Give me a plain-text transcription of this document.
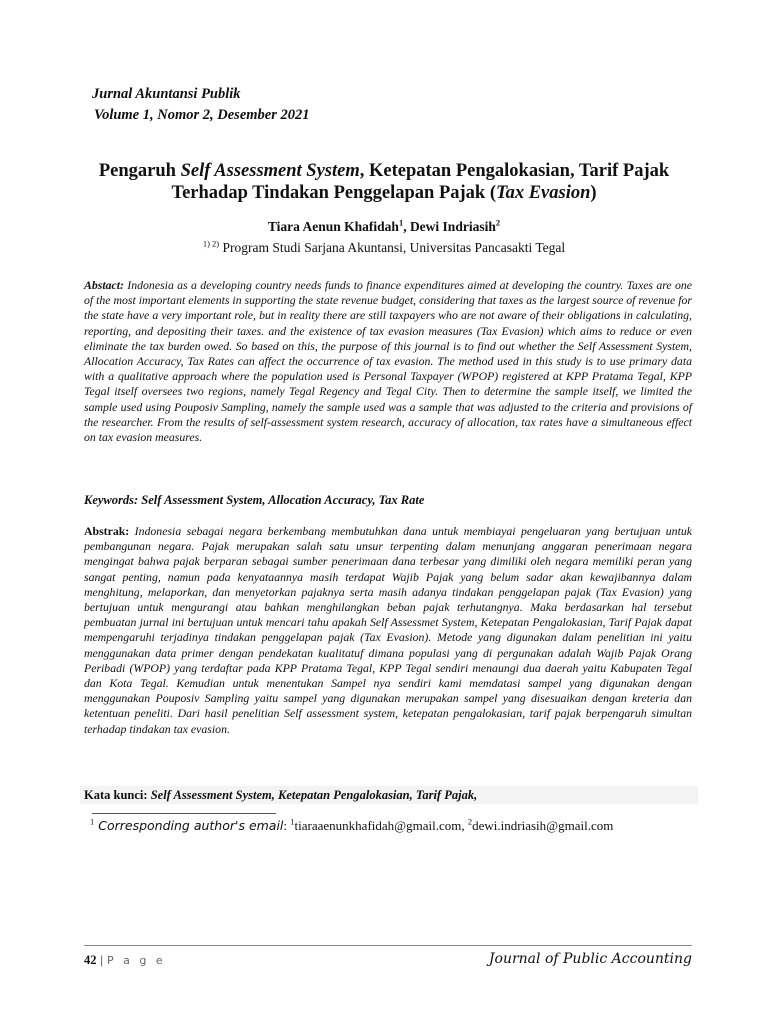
Jurnal Akuntansi Publik
Volume 1, Nomor 2, Desember 2021
Pengaruh Self Assessment System, Ketepatan Pengalokasian, Tarif Pajak Terhadap Tindakan Penggelapan Pajak (Tax Evasion)
Tiara Aenun Khafidah$^1$, Dewi Indriasih$^2$
$^{1) 2)}$ Program Studi Sarjana Akuntansi, Universitas Pancasakti Tegal
Abstact: Indonesia as a developing country needs funds to finance expenditures aimed at developing the country. Taxes are one of the most important elements in supporting the state revenue budget, considering that taxes as the largest source of revenue for the state have a very important role, but in reality there are still taxpayers who are not aware of their obligations in calculating, reporting, and depositing their taxes. and the existence of tax evasion measures (Tax Evasion) which aims to reduce or even eliminate the tax burden owed. So based on this, the purpose of this journal is to find out whether the Self Assessment System, Allocation Accuracy, Tax Rates can affect the occurrence of tax evasion. The method used in this study is to use primary data with a qualitative approach where the population used is Personal Taxpayer (WPOP) registered at KPP Pratama Tegal, KPP Tegal itself oversees two regions, namely Tegal Regency and Tegal City. Then to determine the sample itself, we limited the sample used using Pouposiv Sampling, namely the sample used was a sample that was adjusted to the criteria and provisions of the researcher. From the results of self-assessment system research, accuracy of allocation, tax rates have a simultaneous effect on tax evasion measures.
Keywords: Self Assessment System, Allocation Accuracy, Tax Rate
Abstrak: Indonesia sebagai negara berkembang membutuhkan dana untuk membiayai pengeluaran yang bertujuan untuk pembangunan negara. Pajak merupakan salah satu unsur terpenting dalam menunjang anggaran penerimaan negara mengingat bahwa pajak berparan sebagai sumber penerimaan dana terbesar yang dimiliki oleh negara memiliki peran yang sangat penting, namun pada kenyataannya masih terdapat Wajib Pajak yang belum sadar akan kewajibannya dalam menghitung, melaporkan, dan menyetorkan pajaknya serta masih adanya tindakan penggelapan pajak (Tax Evasion) yang bertujuan untuk mengurangi atau bahkan menghilangkan beban pajak terhutangnya. Maka berdasarkan hal tersebut pembuatan jurnal ini bertujuan untuk mencari tahu apakah Self Assessmet System, Ketepatan Pengalokasian, Tarif Pajak dapat mempengaruhi terjadinya tindakan penggelapan pajak (Tax Evasion). Metode yang digunakan dalam penelitian ini yaitu menggunakan data primer dengan pendekatan kualitatuf dimana populasi yang di pergunakan adalah Wajib Pajak Orang Peribadi (WPOP) yang terdaftar pada KPP Pratama Tegal, KPP Tegal sendiri menaungi dua daerah yaitu Kabupaten Tegal dan Kota Tegal. Kemudian untuk menentukan Sampel nya sendiri kami memdatasi sampel yang digunakan dengan menggunakan Pouposiv Sampling yaitu sampel yang digunakan merupakan sampel yang disesuaikan dengan kreteria dan ketentuan peneliti. Dari hasil penelitian Self assessment system, ketepatan pengalokasian, tarif pajak berpengaruh simultan terhadap tindakan tax evasion.
Kata kunci: Self Assessment System, Ketepatan Pengalokasian, Tarif Pajak,
$^1$ Corresponding author's email: $^1$tiaraaenunkhafidah@gmail.com, $^2$dewi.indriasih@gmail.com
42 | P a g e	Journal of Public Accounting
